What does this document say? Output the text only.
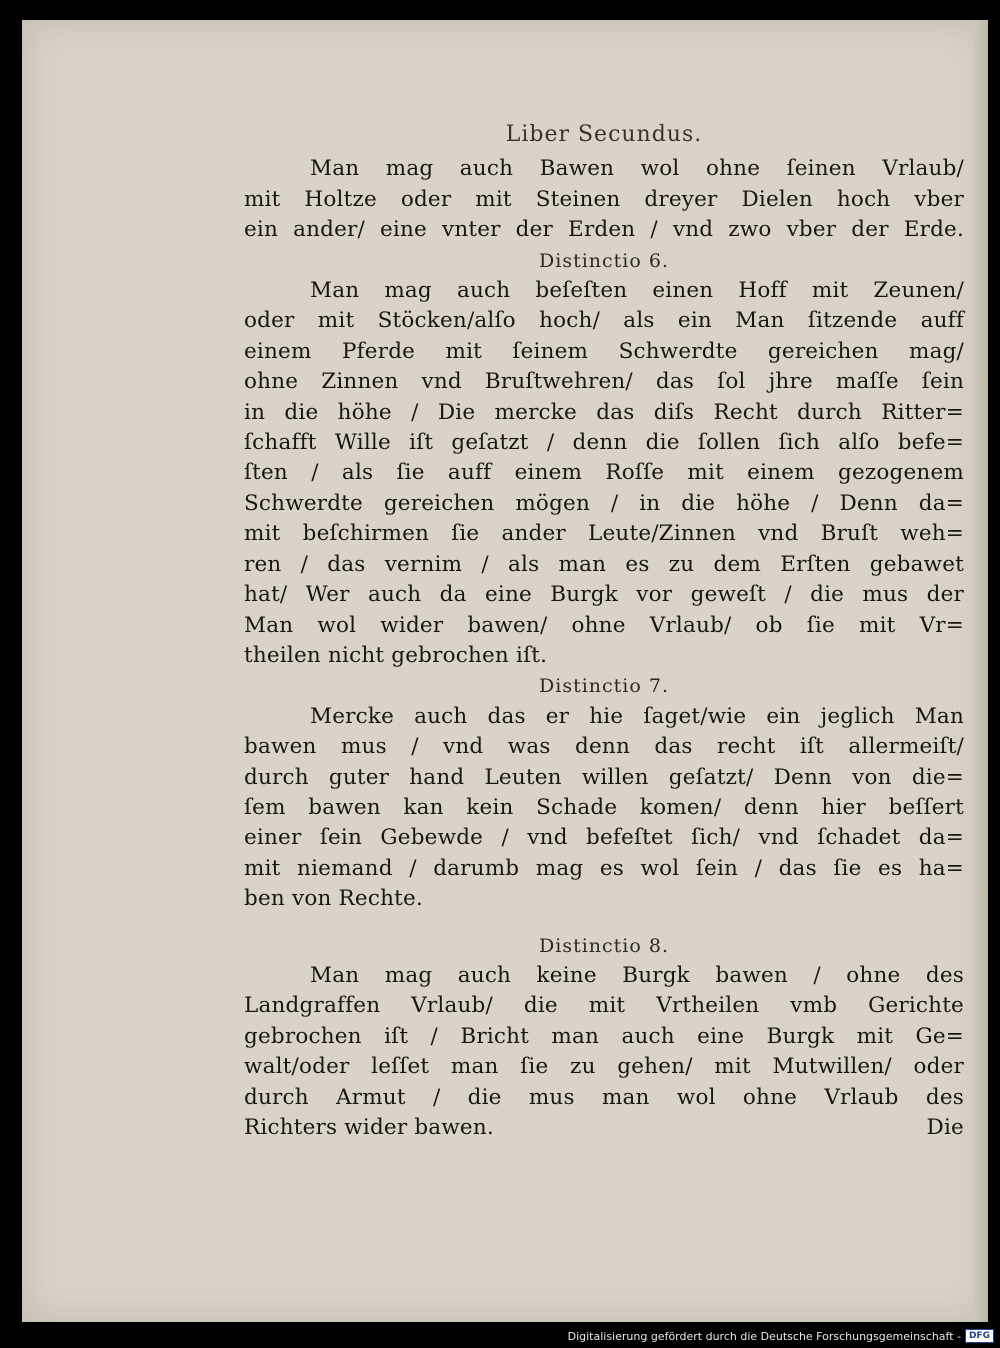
Liber Secundus.
Man mag auch Bawen wol ohne ſeinen Vrlaub/
mit Holtze oder mit Steinen dreyer Dielen hoch vber
ein ander/ eine vnter der Erden / vnd zwo vber der Erde.
Distinctio 6.
Man mag auch beſeſten einen Hoff mit Zeunen/
oder mit Stöcken/alſo hoch/ als ein Man ſitzende auff
einem Pferde mit ſeinem Schwerdte gereichen mag/
ohne Zinnen vnd Bruſtwehren/ das ſol jhre maſſe ſein
in die höhe / Die mercke das diſs Recht durch Ritter=
ſchafft Wille iſt geſatzt / denn die ſollen ſich alſo befe=
ſten / als ſie auff einem Roſſe mit einem gezogenem
Schwerdte gereichen mögen / in die höhe / Denn da=
mit beſchirmen ſie ander Leute/Zinnen vnd Bruſt weh=
ren / das vernim / als man es zu dem Erſten gebawet
hat/ Wer auch da eine Burgk vor geweſt / die mus der
Man wol wider bawen/ ohne Vrlaub/ ob ſie mit Vr=
theilen nicht gebrochen iſt.
Distinctio 7.
Mercke auch das er hie ſaget/wie ein jeglich Man
bawen mus / vnd was denn das recht iſt allermeiſt/
durch guter hand Leuten willen geſatzt/ Denn von die=
ſem bawen kan kein Schade komen/ denn hier beſſert
einer ſein Gebewde / vnd befeſtet ſich/ vnd ſchadet da=
mit niemand / darumb mag es wol ſein / das ſie es ha=
ben von Rechte.
Distinctio 8.
Man mag auch keine Burgk bawen / ohne des
Landgraffen Vrlaub/ die mit Vrtheilen vmb Gerichte
gebrochen iſt / Bricht man auch eine Burgk mit Ge=
walt/oder leſſet man ſie zu gehen/ mit Mutwillen/ oder
durch Armut / die mus man wol ohne Vrlaub des
Richters wider bawen.	Die
Digitalisierung gefördert durch die Deutsche Forschungsgemeinschaft - DFG
